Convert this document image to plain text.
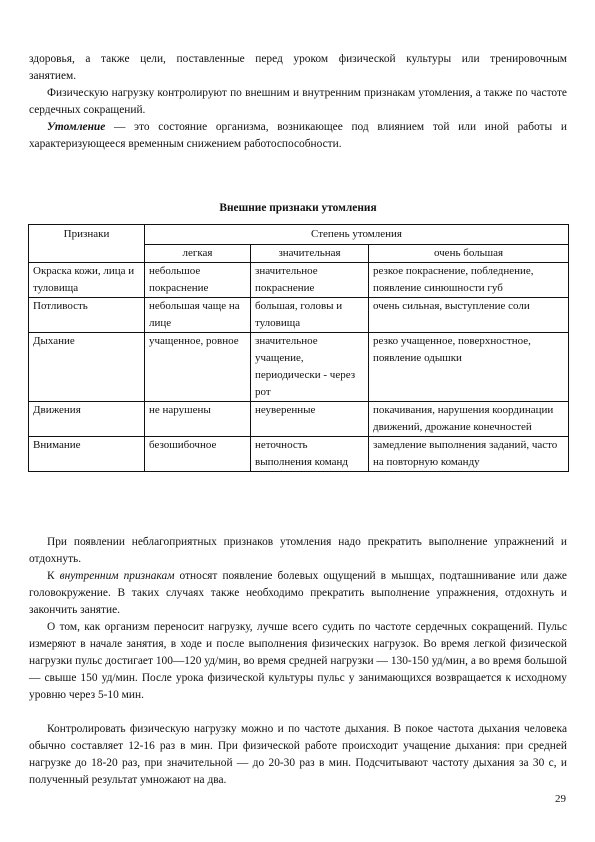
здоровья, а также цели, поставленные перед уроком физической культуры или тренировочным занятием.

Физическую нагрузку контролируют по внешним и внутренним признакам утомления, а также по частоте сердечных сокращений.

Утомление — это состояние организма, возникающее под влиянием той или иной работы и характеризующееся временным снижением работоспособности.

Внешние признаки утомления
Признаки	Степень утомления		
	легкая	значительная	очень большая
Окраска кожи, лица и туловища	небольшое покраснение	значительное покраснение	резкое покраснение, побледнение, появление синюшности губ
Потливость	небольшая чаще на лице	большая, головы и туловища	очень сильная, выступление соли
Дыхание	учащенное, ровное	значительное учащение, периодически - через рот	резко учащенное, поверхностное, появление одышки
Движения	не нарушены	неуверенные	покачивания, нарушения координации движений, дрожание конечностей
Внимание	безошибочное	неточность выполнения команд	замедление выполнения заданий, часто на повторную команду

При появлении неблагоприятных признаков утомления надо прекратить выполнение упражнений и отдохнуть.

К внутренним признакам относят появление болевых ощущений в мышцах, подташнивание или даже головокружение. В таких случаях также необходимо прекратить выполнение упражнения, отдохнуть и закончить занятие.

О том, как организм переносит нагрузку, лучше всего судить по частоте сердечных сокращений. Пульс измеряют в начале занятия, в ходе и после выполнения физических нагрузок. Во время легкой физической нагрузки пульс достигает 100—120 уд/мин, во время средней нагрузки — 130-150 уд/мин, а во время большой — свыше 150 уд/мин. После урока физической культуры пульс у занимающихся возвращается к исходному уровню через 5-10 мин.

Контролировать физическую нагрузку можно и по частоте дыхания. В покое частота дыхания человека обычно составляет 12-16 раз в мин. При физической работе происходит учащение дыхания: при средней нагрузке до 18-20 раз, при значительной — до 20-30 раз в мин. Подсчитывают частоту дыхания за 30 с, и полученный результат умножают на два.

29
